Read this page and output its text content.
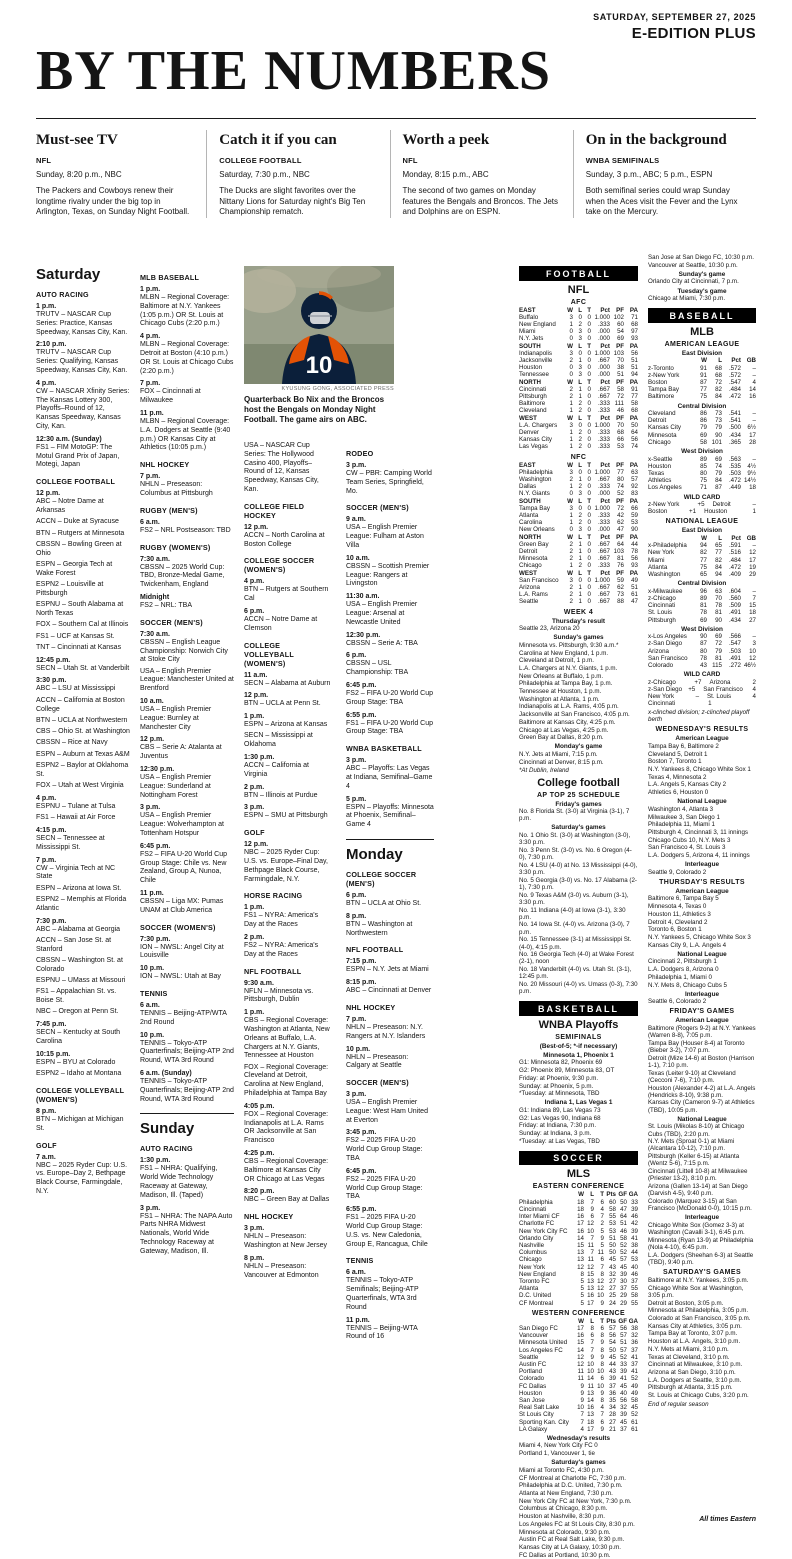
SATURDAY, SEPTEMBER 27, 2025
E-EDITION PLUS
BY THE NUMBERS
Must-see TV
NFL
Sunday, 8:20 p.m., NBC
The Packers and Cowboys renew their longtime rivalry under the big top in Arlington, Texas, on Sunday Night Football.
Catch it if you can
COLLEGE FOOTBALL
Saturday, 7:30 p.m., NBC
The Ducks are slight favorites over the Nittany Lions for Saturday night's Big Ten Championship rematch.
Worth a peek
NFL
Monday, 8:15 p.m., ABC
The second of two games on Monday features the Bengals and Broncos. The Jets and Dolphins are on ESPN.
On in the background
WNBA SEMIFINALS
Sunday, 3 p.m., ABC; 5 p.m., ESPN
Both semifinal series could wrap Sunday when the Aces visit the Fever and the Lynx take on the Mercury.
10
KYUSUNG GONG, ASSOCIATED PRESS
Quarterback Bo Nix and the Broncos host the Bengals on Monday Night Football. The game airs on ABC.
Saturday
AUTO RACING
1 p.m.
TRUTV – NASCAR Cup Series: Practice, Kansas Speedway, Kansas City, Kan.
2:10 p.m.
TRUTV – NASCAR Cup Series: Qualifying, Kansas Speedway, Kansas City, Kan.
4 p.m.
CW – NASCAR Xfinity Series: The Kansas Lottery 300, Playoffs–Round of 12, Kansas Speedway, Kansas City, Kan.
12:30 a.m. (Sunday)
FS1 – FIM MotoGP: The Motul Grand Prix of Japan, Motegi, Japan
COLLEGE FOOTBALL
12 p.m.
ABC – Notre Dame at Arkansas
ACCN – Duke at Syracuse
BTN – Rutgers at Minnesota
CBSSN – Bowling Green at Ohio
ESPN – Georgia Tech at Wake Forest
ESPN2 – Louisville at Pittsburgh
ESPNU – South Alabama at North Texas
FOX – Southern Cal at Illinois
FS1 – UCF at Kansas St.
TNT – Cincinnati at Kansas
12:45 p.m.
SECN – Utah St. at Vanderbilt
3:30 p.m.
ABC – LSU at Mississippi
ACCN – California at Boston College
BTN – UCLA at Northwestern
CBS – Ohio St. at Washington
CBSSN – Rice at Navy
ESPN – Auburn at Texas A&M
ESPN2 – Baylor at Oklahoma St.
FOX – Utah at West Virginia
4 p.m.
ESPNU – Tulane at Tulsa
FS1 – Hawaii at Air Force
4:15 p.m.
SECN – Tennessee at Mississippi St.
7 p.m.
CW – Virginia Tech at NC State
ESPN – Arizona at Iowa St.
ESPN2 – Memphis at Florida Atlantic
7:30 p.m.
ABC – Alabama at Georgia
ACCN – San Jose St. at Stanford
CBSSN – Washington St. at Colorado
ESPNU – UMass at Missouri
FS1 – Appalachian St. vs. Boise St.
NBC – Oregon at Penn St.
7:45 p.m.
SECN – Kentucky at South Carolina
10:15 p.m.
ESPN – BYU at Colorado
ESPN2 – Idaho at Montana
COLLEGE VOLLEYBALL (WOMEN'S)
8 p.m.
BTN – Michigan at Michigan St.
GOLF
7 a.m.
NBC – 2025 Ryder Cup: U.S. vs. Europe–Day 2, Bethpage Black Course, Farmingdale, N.Y.
MLB BASEBALL
1 p.m.
MLBN – Regional Coverage: Baltimore at N.Y. Yankees (1:05 p.m.) OR St. Louis at Chicago Cubs (2:20 p.m.)
4 p.m.
MLBN – Regional Coverage: Detroit at Boston (4:10 p.m.) OR St. Louis at Chicago Cubs (2:20 p.m.)
7 p.m.
FOX – Cincinnati at Milwaukee
11 p.m.
MLBN – Regional Coverage: L.A. Dodgers at Seattle (9:40 p.m.) OR Kansas City at Athletics (10:05 p.m.)
NHL HOCKEY
7 p.m.
NHLN – Preseason: Columbus at Pittsburgh
RUGBY (MEN'S)
6 a.m.
FS2 – NRL Postseason: TBD
RUGBY (WOMEN'S)
7:30 a.m.
CBSSN – 2025 World Cup: TBD, Bronze-Medal Game, Twickenham, England
Midnight
FS2 – NRL: TBA
SOCCER (MEN'S)
7:30 a.m.
CBSSN – English League Championship: Norwich City at Stoke City
USA – English Premier League: Manchester United at Brentford
10 a.m.
USA – English Premier League: Burnley at Manchester City
12 p.m.
CBS – Serie A: Atalanta at Juventus
12:30 p.m.
USA – English Premier League: Sunderland at Nottingham Forest
3 p.m.
USA – English Premier League: Wolverhampton at Tottenham Hotspur
6:45 p.m.
FS2 – FIFA U-20 World Cup Group Stage: Chile vs. New Zealand, Group A, Nunoa, Chile
11 p.m.
CBSSN – Liga MX: Pumas UNAM at Club America
SOCCER (WOMEN'S)
7:30 p.m.
ION – NWSL: Angel City at Louisville
10 p.m.
ION – NWSL: Utah at Bay
TENNIS
6 a.m.
TENNIS – Beijing-ATP/WTA 2nd Round
10 p.m.
TENNIS – Tokyo-ATP Quarterfinals; Beijing-ATP 2nd Round, WTA 3rd Round
6 a.m. (Sunday)
TENNIS – Tokyo-ATP Quarterfinals; Beijing-ATP 2nd Round, WTA 3rd Round
Sunday
AUTO RACING
1:30 p.m.
FS1 – NHRA: Qualifying, World Wide Technology Raceway at Gateway, Madison, Ill. (Taped)
3 p.m.
FS1 – NHRA: The NAPA Auto Parts NHRA Midwest Nationals, World Wide Technology Raceway at Gateway, Madison, Ill.
USA – NASCAR Cup Series: The Hollywood Casino 400, Playoffs–Round of 12, Kansas Speedway, Kansas City, Kan.
COLLEGE FIELD HOCKEY
12 p.m.
ACCN – North Carolina at Boston College
COLLEGE SOCCER (WOMEN'S)
4 p.m.
BTN – Rutgers at Southern Cal
6 p.m.
ACCN – Notre Dame at Clemson
COLLEGE VOLLEYBALL (WOMEN'S)
11 a.m.
SECN – Alabama at Auburn
12 p.m.
BTN – UCLA at Penn St.
1 p.m.
ESPN – Arizona at Kansas
SECN – Mississippi at Oklahoma
1:30 p.m.
ACCN – California at Virginia
2 p.m.
BTN – Illinois at Purdue
3 p.m.
ESPN – SMU at Pittsburgh
GOLF
12 p.m.
NBC – 2025 Ryder Cup: U.S. vs. Europe–Final Day, Bethpage Black Course, Farmingdale, N.Y.
HORSE RACING
1 p.m.
FS1 – NYRA: America's Day at the Races
2 p.m.
FS2 – NYRA: America's Day at the Races
NFL FOOTBALL
9:30 a.m.
NFLN – Minnesota vs. Pittsburgh, Dublin
1 p.m.
CBS – Regional Coverage: Washington at Atlanta, New Orleans at Buffalo, L.A. Chargers at N.Y. Giants, Tennessee at Houston
FOX – Regional Coverage: Cleveland at Detroit, Carolina at New England, Philadelphia at Tampa Bay
4:05 p.m.
FOX – Regional Coverage: Indianapolis at L.A. Rams OR Jacksonville at San Francisco
4:25 p.m.
CBS – Regional Coverage: Baltimore at Kansas City OR Chicago at Las Vegas
8:20 p.m.
NBC – Green Bay at Dallas
NHL HOCKEY
3 p.m.
NHLN – Preseason: Washington at New Jersey
8 p.m.
NHLN – Preseason: Vancouver at Edmonton
RODEO
3 p.m.
CW – PBR: Camping World Team Series, Springfield, Mo.
SOCCER (MEN'S)
9 a.m.
USA – English Premier League: Fulham at Aston Villa
10 a.m.
CBSSN – Scottish Premier League: Rangers at Livingston
11:30 a.m.
USA – English Premier League: Arsenal at Newcastle United
12:30 p.m.
CBSSN – Serie A: TBA
6 p.m.
CBSSN – USL Championship: TBA
6:45 p.m.
FS2 – FIFA U-20 World Cup Group Stage: TBA
6:55 p.m.
FS1 – FIFA U-20 World Cup Group Stage: TBA
WNBA BASKETBALL
3 p.m.
ABC – Playoffs: Las Vegas at Indiana, Semifinal–Game 4
5 p.m.
ESPN – Playoffs: Minnesota at Phoenix, Semifinal–Game 4
Monday
COLLEGE SOCCER (MEN'S)
6 p.m.
BTN – UCLA at Ohio St.
8 p.m.
BTN – Washington at Northwestern
NFL FOOTBALL
7:15 p.m.
ESPN – N.Y. Jets at Miami
8:15 p.m.
ABC – Cincinnati at Denver
NHL HOCKEY
7 p.m.
NHLN – Preseason: N.Y. Rangers at N.Y. Islanders
10 p.m.
NHLN – Preseason: Calgary at Seattle
SOCCER (MEN'S)
3 p.m.
USA – English Premier League: West Ham United at Everton
3:45 p.m.
FS2 – 2025 FIFA U-20 World Cup Group Stage: TBA
6:45 p.m.
FS2 – 2025 FIFA U-20 World Cup Group Stage: TBA
6:55 p.m.
FS1 – 2025 FIFA U-20 World Cup Group Stage: U.S. vs. New Caledonia, Group E, Rancagua, Chile
TENNIS
6 a.m.
TENNIS – Tokyo-ATP Semifinals; Beijing-ATP Quarterfinals, WTA 3rd Round
11 p.m.
TENNIS – Beijing-WTA Round of 16
FOOTBALL
NFL
AFC
EAST	W L T	Pct PF PA
Buffalo	3 0 0 1.000 102	71
New England	1 2 0	.333	60	68
Miami	0 3 0	.000	54	97
N.Y. Jets	0 3 0	.000	69	93
SOUTH	W L T	Pct PF PA
Indianapolis	3 0 0 1.000 103	56
Jacksonville	2 1 0	.667	70	51
Houston	0 3 0	.000	38	51
Tennessee	0 3 0	.000	51	94
NORTH	W L T	Pct PF PA
Cincinnati	2 1 0	.667	58	91
Pittsburgh	2 1 0	.667	72	77
Baltimore	1 2 0	.333 111	58
Cleveland	1 2 0	.333	46	68
WEST	W L T	Pct PF PA
L.A. Chargers	3 0 0 1.000	70	50
Denver	1 2 0	.333	68	64
Kansas City	1 2 0	.333	66	56
Las Vegas	1 2 0	.333	53	74
NFC
EAST	W L T	Pct PF PA
Philadelphia	3 0 0 1.000	77	63
Washington	2 1 0	.667	80	57
Dallas	1 2 0	.333	74	92
N.Y. Giants	0 3 0	.000	52	83
SOUTH	W L T	Pct PF PA
Tampa Bay	3 0 0 1.000	72	66
Atlanta	1 2 0	.333	42	59
Carolina	1 2 0	.333	62	53
New Orleans	0 3 0	.000	47	90
NORTH	W L T	Pct PF PA
Green Bay	2 1 0	.667	64	44
Detroit	2 1 0	.667 103	78
Minnesota	2 1 0	.667	81	56
Chicago	1 2 0	.333	76	93
WEST	W L T	Pct PF PA
San Francisco	3 0 0 1.000	59	49
Arizona	2 1 0	.667	62	51
L.A. Rams	2 1 0	.667	73	61
Seattle	2 1 0	.667	88	47
WEEK 4
Thursday's result
Seattle 23, Arizona 20
Sunday's games
Minnesota vs. Pittsburgh, 9:30 a.m.*
Carolina at New England, 1 p.m.
Cleveland at Detroit, 1 p.m.
L.A. Chargers at N.Y. Giants, 1 p.m.
New Orleans at Buffalo, 1 p.m.
Philadelphia at Tampa Bay, 1 p.m.
Tennessee at Houston, 1 p.m.
Washington at Atlanta, 1 p.m.
Indianapolis at L.A. Rams, 4:05 p.m.
Jacksonville at San Francisco, 4:05 p.m.
Baltimore at Kansas City, 4:25 p.m.
Chicago at Las Vegas, 4:25 p.m.
Green Bay at Dallas, 8:20 p.m.
Monday's game
N.Y. Jets at Miami, 7:15 p.m.
Cincinnati at Denver, 8:15 p.m.
*At Dublin, Ireland
College football
AP TOP 25 SCHEDULE
Friday's games
No. 8 Florida St. (3-0) at Virginia (3-1), 7 p.m.
Saturday's games
No. 1 Ohio St. (3-0) at Washington (3-0), 3:30 p.m.
No. 3 Penn St. (3-0) vs. No. 6 Oregon (4-0), 7:30 p.m.
No. 4 LSU (4-0) at No. 13 Mississippi (4-0), 3:30 p.m.
No. 5 Georgia (3-0) vs. No. 17 Alabama (2-1), 7:30 p.m.
No. 9 Texas A&M (3-0) vs. Auburn (3-1), 3:30 p.m.
No. 11 Indiana (4-0) at Iowa (3-1), 3:30 p.m.
No. 14 Iowa St. (4-0) vs. Arizona (3-0), 7 p.m.
No. 15 Tennessee (3-1) at Mississippi St. (4-0), 4:15 p.m.
No. 16 Georgia Tech (4-0) at Wake Forest (2-1), noon
No. 18 Vanderbilt (4-0) vs. Utah St. (3-1), 12:45 p.m.
No. 20 Missouri (4-0) vs. Umass (0-3), 7:30 p.m.
BASKETBALL
WNBA Playoffs
SEMIFINALS
(Best-of-5; *-if necessary)
Minnesota 1, Phoenix 1
G1: Minnesota 82, Phoenix 69
G2: Phoenix 89, Minnesota 83, OT
Friday: at Phoenix, 9:30 p.m.
Sunday: at Phoenix, 5 p.m.
*Tuesday: at Minnesota, TBD
Indiana 1, Las Vegas 1
G1: Indiana 89, Las Vegas 73
G2: Las Vegas 90, Indiana 68
Friday: at Indiana, 7:30 p.m.
Sunday: at Indiana, 3 p.m.
*Tuesday: at Las Vegas, TBD
SOCCER
MLS
EASTERN CONFERENCE
W	L	T Pts GF GA
Philadelphia	18	7	6 60 50 33
Cincinnati	18	9	4 58 47 39
Inter Miami CF	16	6	7 55 64 46
Charlotte FC	17 12	2 53 51 42
New York City FC	16 10	5 53 46 39
Orlando City	14	7	9 51 58 41
Nashville	15 11	5 50 52 38
Columbus	13	7 11 50 52 44
Chicago	13 11	6 45 57 53
New York	12 12	7 43 45 40
New England	8 15	8 32 39 46
Toronto FC	5 13 12 27 30 37
Atlanta	5 13 12 27 37 55
D.C. United	5 16 10 25 29 58
CF Montreal	5 17	9 24 29 55
WESTERN CONFERENCE
W	L	T Pts GF GA
San Diego FC	17	8	6 57 56 38
Vancouver	16	6	8 56 57 32
Minnesota United	15	7	9 54 51 36
Los Angeles FC	14	7	8 50 57 37
Seattle	12	9	9 45 52 41
Austin FC	12 10	8 44 33 37
Portland	11 10 10 43 39 41
Colorado	11 14	6 39 41 52
FC Dallas	9 11 10 37 45 49
Houston	9 13	9 36 40 49
San Jose	9 14	8 35 56 58
Real Salt Lake	10 16	4 34 32 45
St Louis City	7 13	7 28 39 52
Sporting Kan. City	7 18	6 27 45 61
LA Galaxy	4 17	9 21 37 61
Wednesday's results
Miami 4, New York City FC 0
Portland 1, Vancouver 1, tie
Saturday's games
Miami at Toronto FC, 4:30 p.m.
CF Montreal at Charlotte FC, 7:30 p.m.
Philadelphia at D.C. United, 7:30 p.m.
Atlanta at New England, 7:30 p.m.
New York City FC at New York, 7:30 p.m.
Columbus at Chicago, 8:30 p.m.
Houston at Nashville, 8:30 p.m.
Los Angeles FC at St Louis City, 8:30 p.m.
Minnesota at Colorado, 9:30 p.m.
Austin FC at Real Salt Lake, 9:30 p.m.
Kansas City at LA Galaxy, 10:30 p.m.
FC Dallas at Portland, 10:30 p.m.
San Jose at San Diego FC, 10:30 p.m.
Vancouver at Seattle, 10:30 p.m.
Sunday's game
Orlando City at Cincinnati, 7 p.m.
Tuesday's game
Chicago at Miami, 7:30 p.m.
BASEBALL
MLB
AMERICAN LEAGUE
East Division
W	L	Pct GB
z-Toronto	91	68	.572	–
z-New York	91	68	.572	–
Boston	87	72	.547	4
Tampa Bay	77	82	.484	14
Baltimore	75	84	.472	16
Central Division
Cleveland	86	73	.541	–
Detroit	86	73	.541	–
Kansas City	79	79	.500	6½
Minnesota	69	90	.434	17
Chicago	58 101	.365	28
West Division
x-Seattle	89	69	.563	–
Houston	85	74	.535	4½
Texas	80	79	.503	9½
Athletics	75	84	.472 14½
Los Angeles	71	87	.449	18
WILD CARD
z-New York	+5	Detroit	–
Boston	+1	Houston	1
NATIONAL LEAGUE
East Division
W	L	Pct GB
x-Philadelphia	94	65	.591	–
New York	82	77	.516	12
Miami	77	82	.484	17
Atlanta	75	84	.472	19
Washington	65	94	.409	29
Central Division
x-Milwaukee	96	63	.604	–
z-Chicago	89	70	.560	7
Cincinnati	81	78	.509	15
St. Louis	78	81	.491	18
Pittsburgh	69	90	.434	27
West Division
x-Los Angeles	90	69	.566	–
z-San Diego	87	72	.547	3
Arizona	80	79	.503	10
San Francisco	78	81	.491	12
Colorado	43 115	.272 46½
WILD CARD
z-Chicago	+7	Arizona	2
z-San Diego +5	San Francisco	4
New York	–	St. Louis	4
Cincinnati	1
x-clinched division; z-clinched playoff berth
WEDNESDAY'S RESULTS
American League
Tampa Bay 6, Baltimore 2
Cleveland 5, Detroit 1
Boston 7, Toronto 1
N.Y. Yankees 8, Chicago White Sox 1
Texas 4, Minnesota 2
L.A. Angels 5, Kansas City 2
Athletics 6, Houston 0
National League
Washington 4, Atlanta 3
Milwaukee 3, San Diego 1
Philadelphia 11, Miami 1
Pittsburgh 4, Cincinnati 3, 11 innings
Chicago Cubs 10, N.Y. Mets 3
San Francisco 4, St. Louis 3
L.A. Dodgers 5, Arizona 4, 11 innings
Interleague
Seattle 9, Colorado 2
THURSDAY'S RESULTS
American League
Baltimore 6, Tampa Bay 5
Minnesota 4, Texas 0
Houston 11, Athletics 3
Detroit 4, Cleveland 2
Toronto 6, Boston 1
N.Y. Yankees 5, Chicago White Sox 3
Kansas City 9, L.A. Angels 4
National League
Cincinnati 2, Pittsburgh 1
L.A. Dodgers 8, Arizona 0
Philadelphia 1, Miami 0
N.Y. Mets 8, Chicago Cubs 5
Interleague
Seattle 6, Colorado 2
FRIDAY'S GAMES
American League
Baltimore (Rogers 9-2) at N.Y. Yankees (Warren 8-8), 7:05 p.m.
Tampa Bay (Houser 8-4) at Toronto (Bieber 3-2), 7:07 p.m.
Detroit (Mize 14-6) at Boston (Harrison 1-1), 7:10 p.m.
Texas (Leiter 9-10) at Cleveland (Cecconi 7-6), 7:10 p.m.
Houston (Alexander 4-2) at L.A. Angels (Hendricks 8-10), 9:38 p.m.
Kansas City (Cameron 9-7) at Athletics (TBD), 10:05 p.m.
National League
St. Louis (Mikolas 8-10) at Chicago Cubs (TBD), 2:20 p.m.
N.Y. Mets (Sproat 0-1) at Miami (Alcantara 10-12), 7:10 p.m.
Pittsburgh (Keller 6-15) at Atlanta (Wentz 5-6), 7:15 p.m.
Cincinnati (Littell 10-8) at Milwaukee (Priester 13-2), 8:10 p.m.
Arizona (Gallen 13-14) at San Diego (Darvish 4-5), 9:40 p.m.
Colorado (Marquez 3-15) at San Francisco (McDonald 0-0), 10:15 p.m.
Interleague
Chicago White Sox (Gomez 3-3) at Washington (Cavalli 3-1), 6:45 p.m.
Minnesota (Ryan 13-9) at Philadelphia (Nola 4-10), 6:45 p.m.
L.A. Dodgers (Sheehan 6-3) at Seattle (TBD), 9:40 p.m.
SATURDAY'S GAMES
Baltimore at N.Y. Yankees, 3:05 p.m.
Chicago White Sox at Washington, 3:05 p.m.
Detroit at Boston, 3:05 p.m.
Minnesota at Philadelphia, 3:05 p.m.
Colorado at San Francisco, 3:05 p.m.
Kansas City at Athletics, 3:05 p.m.
Tampa Bay at Toronto, 3:07 p.m.
Houston at L.A. Angels, 3:10 p.m.
N.Y. Mets at Miami, 3:10 p.m.
Texas at Cleveland, 3:10 p.m.
Cincinnati at Milwaukee, 3:10 p.m.
Arizona at San Diego, 3:10 p.m.
L.A. Dodgers at Seattle, 3:10 p.m.
Pittsburgh at Atlanta, 3:15 p.m.
St. Louis at Chicago Cubs, 3:20 p.m.
End of regular season
All times Eastern
